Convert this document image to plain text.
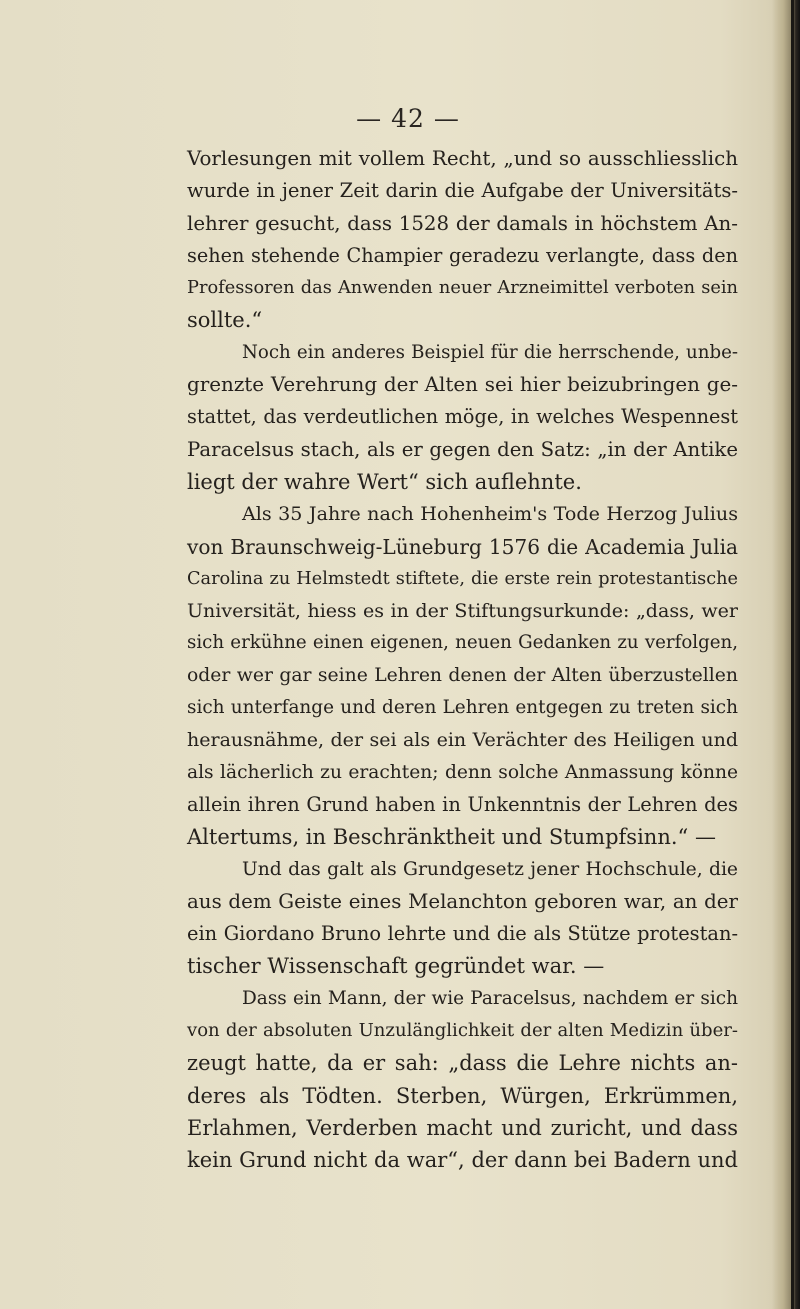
— 42 —
Vorlesungen mit vollem Recht, „und so ausschliesslich
wurde in jener Zeit darin die Aufgabe der Universitäts-
lehrer gesucht, dass 1528 der damals in höchstem An-
sehen stehende Champier geradezu verlangte, dass den
Professoren das Anwenden neuer Arzneimittel verboten sein
sollte.“
Noch ein anderes Beispiel für die herrschende, unbe-
grenzte Verehrung der Alten sei hier beizubringen ge-
stattet, das verdeutlichen möge, in welches Wespennest
Paracelsus stach, als er gegen den Satz: „in der Antike
liegt der wahre Wert“ sich auflehnte.
Als 35 Jahre nach Hohenheim's Tode Herzog Julius
von Braunschweig-Lüneburg 1576 die Academia Julia
Carolina zu Helmstedt stiftete, die erste rein protestantische
Universität, hiess es in der Stiftungsurkunde: „dass, wer
sich erkühne einen eigenen, neuen Gedanken zu verfolgen,
oder wer gar seine Lehren denen der Alten überzustellen
sich unterfange und deren Lehren entgegen zu treten sich
herausnähme, der sei als ein Verächter des Heiligen und
als lächerlich zu erachten; denn solche Anmassung könne
allein ihren Grund haben in Unkenntnis der Lehren des
Altertums, in Beschränktheit und Stumpfsinn.“ —
Und das galt als Grundgesetz jener Hochschule, die
aus dem Geiste eines Melanchton geboren war, an der
ein Giordano Bruno lehrte und die als Stütze protestan-
tischer Wissenschaft gegründet war. —
Dass ein Mann, der wie Paracelsus, nachdem er sich
von der absoluten Unzulänglichkeit der alten Medizin über-
zeugt hatte, da er sah: „dass die Lehre nichts an-
deres als Tödten. Sterben, Würgen, Erkrümmen,
Erlahmen, Verderben macht und zuricht, und dass
kein Grund nicht da war“, der dann bei Badern und
